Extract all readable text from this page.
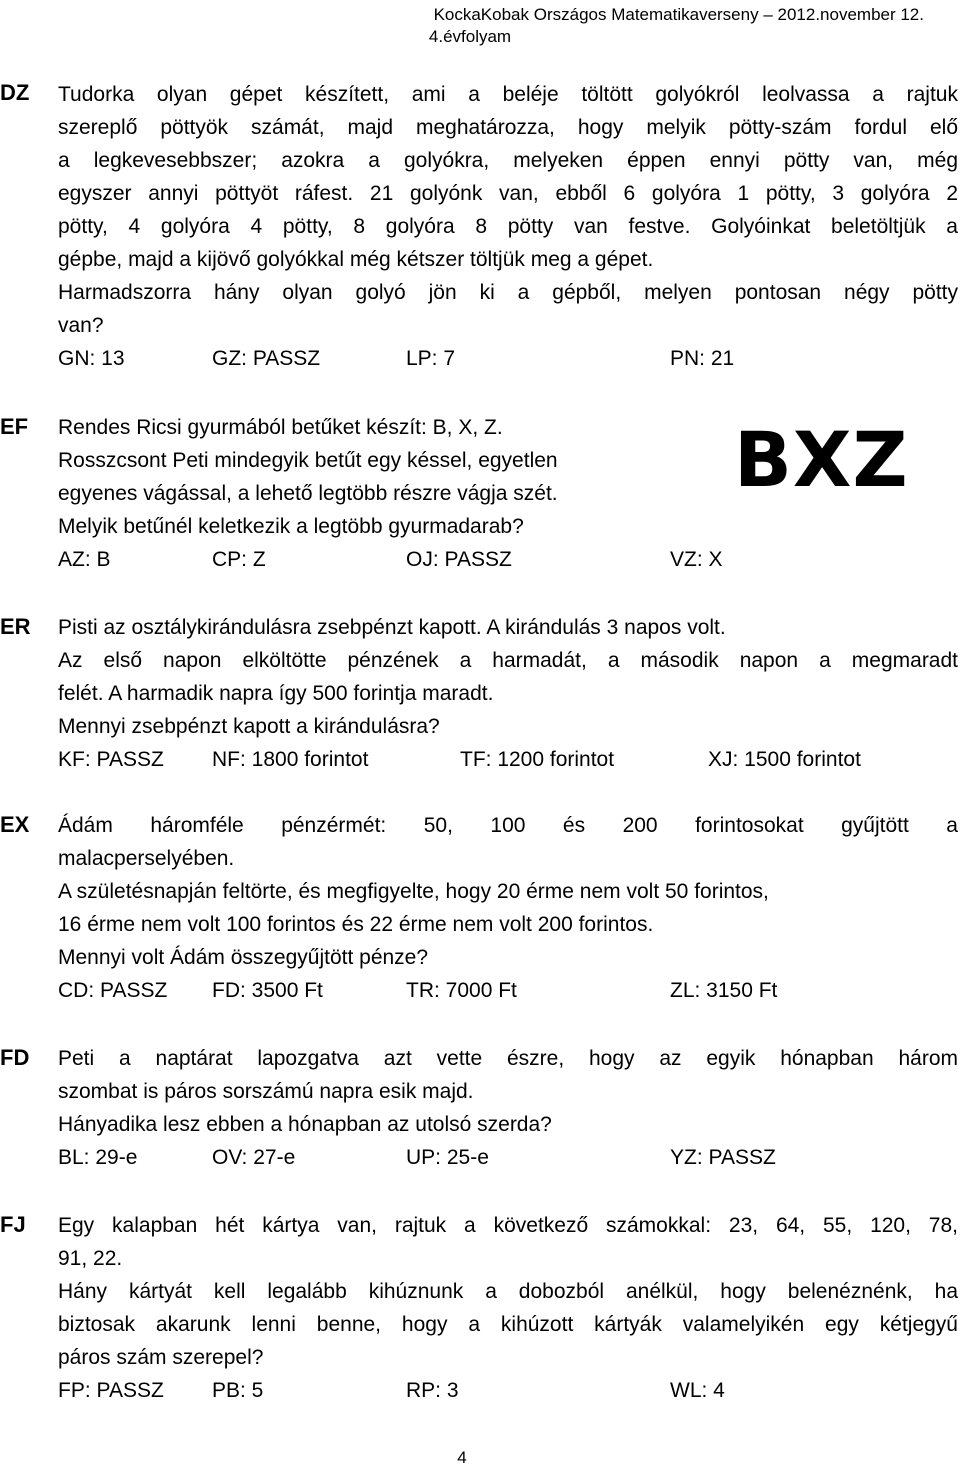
KockaKobak Országos Matematikaverseny – 2012.november 12.
4.évfolyam
DZ	Tudorka olyan gépet készített, ami a beléje töltött golyókról leolvassa a rajtuk
szereplő pöttyök számát, majd meghatározza, hogy melyik pötty-szám fordul elő
a legkevesebbszer; azokra a golyókra, melyeken éppen ennyi pötty van, még
egyszer annyi pöttyöt ráfest. 21 golyónk van, ebből 6 golyóra 1 pötty, 3 golyóra 2
pötty, 4 golyóra 4 pötty, 8 golyóra 8 pötty van festve. Golyóinkat beletöltjük a
gépbe, majd a kijövő golyókkal még kétszer töltjük meg a gépet.
Harmadszorra hány olyan golyó jön ki a gépből, melyen pontosan négy pötty
van?
GN: 13	GZ: PASSZ	LP: 7	PN: 21
EF	Rendes Ricsi gyurmából betűket készít: B, X, Z.
Rosszcsont Peti mindegyik betűt egy késsel, egyetlen
egyenes vágással, a lehető legtöbb részre vágja szét.
Melyik betűnél keletkezik a legtöbb gyurmadarab?
AZ: B	CP: Z	OJ: PASSZ	VZ: X
BXZ
ER	Pisti az osztálykirándulásra zsebpénzt kapott. A kirándulás 3 napos volt.
Az első napon elköltötte pénzének a harmadát, a második napon a megmaradt
felét. A harmadik napra így 500 forintja maradt.
Mennyi zsebpénzt kapott a kirándulásra?
KF: PASSZ NF: 1800 forintot	TF: 1200 forintot	XJ: 1500 forintot
EX	Ádám háromféle pénzérmét: 50, 100 és 200 forintosokat gyűjtött a
malacperselyében.
A születésnapján feltörte, és megfigyelte, hogy 20 érme nem volt 50 forintos,
16 érme nem volt 100 forintos és 22 érme nem volt 200 forintos.
Mennyi volt Ádám összegyűjtött pénze?
CD: PASSZ FD: 3500 Ft	TR: 7000 Ft	ZL: 3150 Ft
FD	Peti a naptárat lapozgatva azt vette észre, hogy az egyik hónapban három
szombat is páros sorszámú napra esik majd.
Hányadika lesz ebben a hónapban az utolsó szerda?
BL: 29-e	OV: 27-e	UP: 25-e	YZ: PASSZ
FJ	Egy kalapban hét kártya van, rajtuk a következő számokkal: 23, 64, 55, 120, 78,
91, 22.
Hány kártyát kell legalább kihúznunk a dobozból anélkül, hogy belenéznénk, ha
biztosak akarunk lenni benne, hogy a kihúzott kártyák valamelyikén egy kétjegyű
páros szám szerepel?
FP: PASSZ PB: 5	RP: 3	WL: 4
4
